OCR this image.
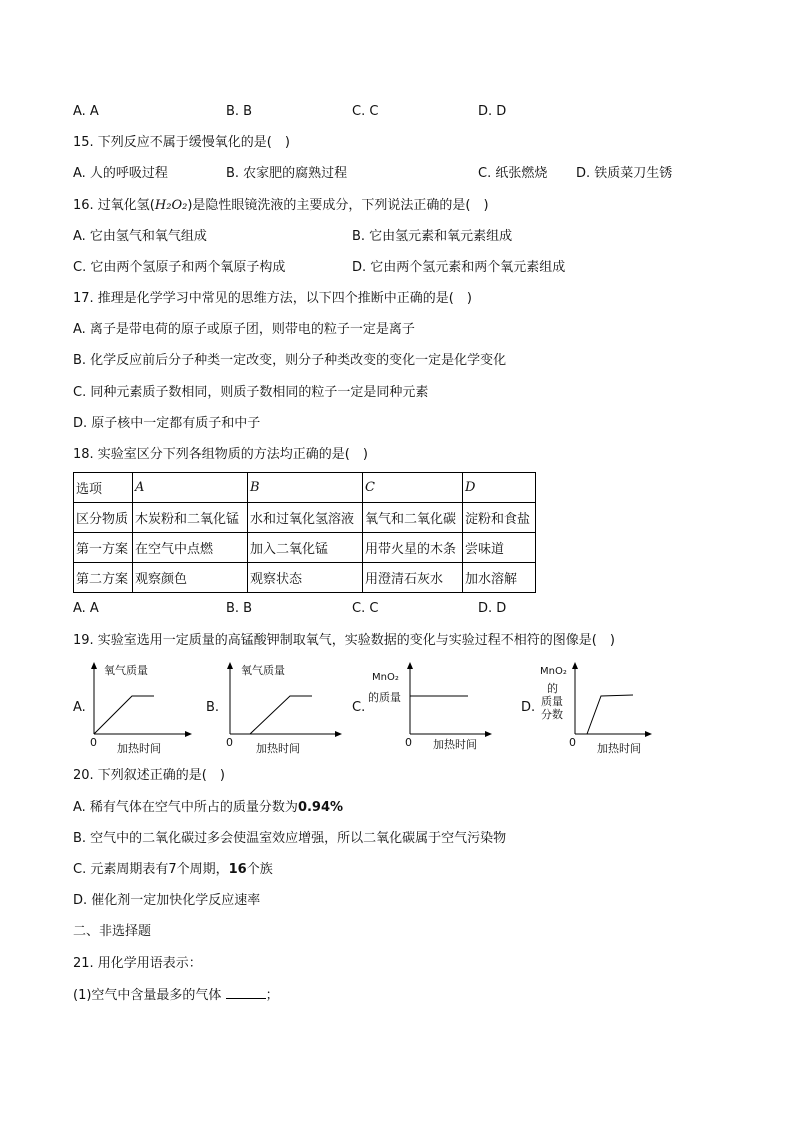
A. A	B. B	C. C	D. D
15. 下列反应不属于缓慢氧化的是(　)
A. 人的呼吸过程	B. 农家肥的腐熟过程	C. 纸张燃烧 D. 铁质菜刀生锈
16. 过氧化氢(H₂O₂)是隐性眼镜洗液的主要成分，下列说法正确的是(　)
A. 它由氢气和氧气组成	B. 它由氢元素和氧元素组成
C. 它由两个氢原子和两个氧原子构成	D. 它由两个氢元素和两个氧元素组成
17. 推理是化学学习中常见的思维方法，以下四个推断中正确的是(　)
A. 离子是带电荷的原子或原子团，则带电的粒子一定是离子
B. 化学反应前后分子种类一定改变，则分子种类改变的变化一定是化学变化
C. 同种元素质子数相同，则质子数相同的粒子一定是同种元素
D. 原子核中一定都有质子和中子
18. 实验室区分下列各组物质的方法均正确的是(　)
选项	A	B	C	D
区分物质	木炭粉和二氧化锰	水和过氧化氢溶液	氧气和二氧化碳	淀粉和食盐
第一方案	在空气中点燃	加入二氧化锰	用带火星的木条	尝味道
第二方案	观察颜色	观察状态	用澄清石灰水	加水溶解
A. A	B. B	C. C	D. D
19. 实验室选用一定质量的高锰酸钾制取氧气，实验数据的变化与实验过程不相符的图像是(　)
A.
氧气质量
0 加热时间
B.
氧气质量
0 加热时间
C.
MnO₂
的质量
0 加热时间
D.
MnO₂
的
质量
分数
0 加热时间
20. 下列叙述正确的是(　)
A. 稀有气体在空气中所占的质量分数为0.94%
B. 空气中的二氧化碳过多会使温室效应增强，所以二氧化碳属于空气污染物
C. 元素周期表有7个周期，16个族
D. 催化剂一定加快化学反应速率
二、非选择题
21. 用化学用语表示：
(1)空气中含量最多的气体	；
